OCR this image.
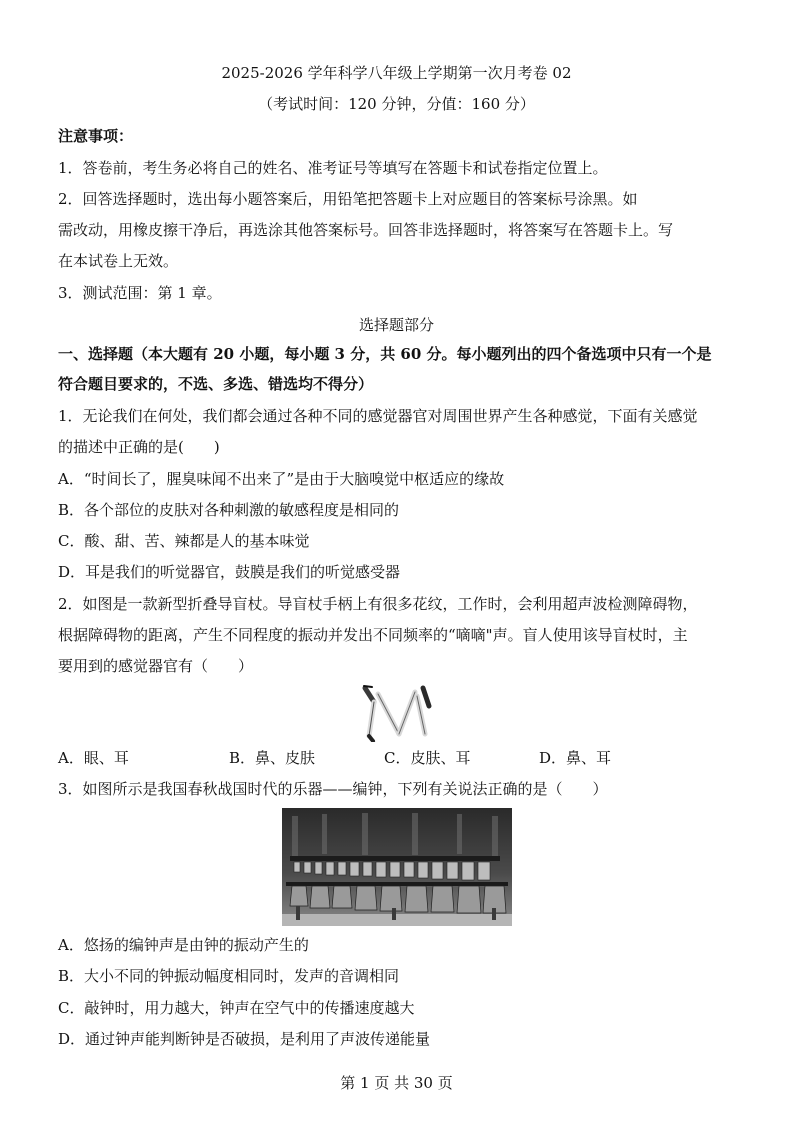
2025-2026 学年科学八年级上学期第一次月考卷 02
（考试时间：120 分钟，分值：160 分）
注意事项：
1．答卷前，考生务必将自己的姓名、准考证号等填写在答题卡和试卷指定位置上。
2．回答选择题时，选出每小题答案后，用铅笔把答题卡上对应题目的答案标号涂黑。如
需改动，用橡皮擦干净后，再选涂其他答案标号。回答非选择题时，将答案写在答题卡上。写
在本试卷上无效。
3．测试范围：第 1 章。
选择题部分
一、选择题（本大题有 20 小题，每小题 3 分，共 60 分。每小题列出的四个备选项中只有一个是
符合题目要求的，不选、多选、错选均不得分）
1．无论我们在何处，我们都会通过各种不同的感觉器官对周围世界产生各种感觉，下面有关感觉
的描述中正确的是(　　)
A．“时间长了，腥臭味闻不出来了”是由于大脑嗅觉中枢适应的缘故
B．各个部位的皮肤对各种刺激的敏感程度是相同的
C．酸、甜、苦、辣都是人的基本味觉
D．耳是我们的听觉器官，鼓膜是我们的听觉感受器
2．如图是一款新型折叠导盲杖。导盲杖手柄上有很多花纹，工作时，会利用超声波检测障碍物，
根据障碍物的距离，产生不同程度的振动并发出不同频率的“嘀嘀"声。盲人使用该导盲杖时，主
要用到的感觉器官有（　　）
A．眼、耳	B．鼻、皮肤	C．皮肤、耳	D．鼻、耳
3．如图所示是我国春秋战国时代的乐器——编钟，下列有关说法正确的是（　　）
A．悠扬的编钟声是由钟的振动产生的
B．大小不同的钟振动幅度相同时，发声的音调相同
C．敲钟时，用力越大，钟声在空气中的传播速度越大
D．通过钟声能判断钟是否破损，是利用了声波传递能量
第 1 页 共 30 页
